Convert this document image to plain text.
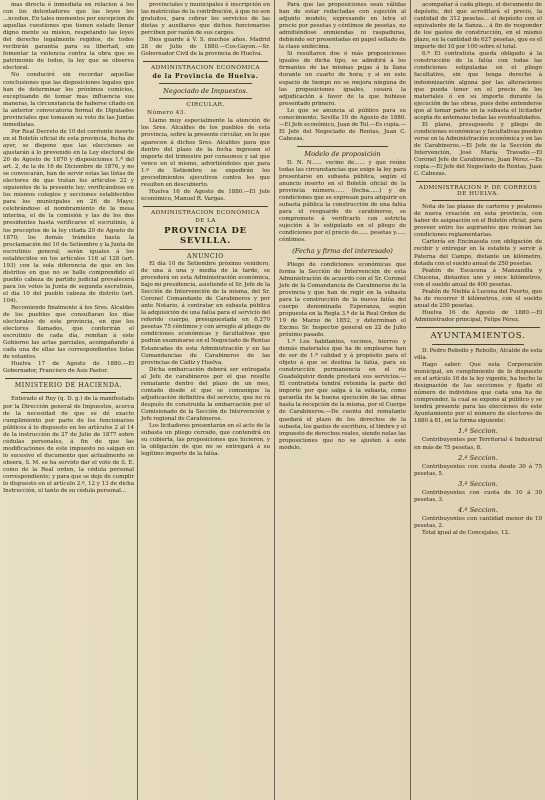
mas directa é inmediata en relacion á los con los detentadores que las leyes les ...nceden. En tales momentos por excepcion de aquellas cuestiones que tienen estado llenar digno mente su mision, respetando las leyes del derecho legalmente regidos, de todos recibirán garantía para su libertad, sin fomentar la violencia contra la obra que es patrimonio de todos, la ley que se observa electoral.

No conduciré sin recordar aquellas conclusiones que las disposiciones legales que han de determinar los próximos comicios, exceptuando de tomar mas influencia sus maneras, la circunstancia de haberse citado en la anterior convocatoria formal de Diputados provinciales que tomasen su voto de las Juntas inmediatas.

Por Real Decreto de 10 del corriente inserto en el Boletín oficial de esta provincia, fecha de ayer, se dispone que las elecciones se ajustarán á lo prevenido en la Ley electoral de 20 de Agosto de 1870 y disposiciones 1.ª del art. 2, de la de 16 de Diciembre de 1876, y no se convocarán, han de servir estas las listas de electores de que tratan los artículos 22 y siguientes de la presente ley; verificándose en los mismos colegios y secciones establecidos para los municipales en 26 de Mayo; celebrándose el nombramiento de la mesa interina, el de la comisión y las de los dos presidentes hasta verificarse el escrutinio, á los preceptos de la ley citada 20 de Agosto de 1870; los demás trámites hasta la proclamación del 10 de Setiembre y la Junta de escrutinio general, serán iguales á los establecidos en los artículos 116 al 128 (art. 193) con la sola diferencia de que en los distritos en que no se halle comprendido el pueblo cabeza de partido judicial prevalecerá para los votos la Junta de segunda escrutinio, el día 10 del pueblo cabeza de distrito (art. 104).

Recomiendo finalmente á los Sres. Alcaldes de los pueblos que consultaran los días electorales de este provincia, en que los electores llamados, que conferirán el escrutinio de cada día, remitan á este Gobierno las actas parciales, acompañando á cada una de ellas las correspondientes listas de votantes.

Huelva 17 de Agosto de 1880.—El Gobernador, Francisco de Asis Pastor.

MINISTERIO DE HACIENDA.

Enterado el Rey (q. D. g.) de la manifestado por la Dirección general de Impuestos, acerca de la necesidad de que se dé exacto cumplimiento por parte de los funcionarios públicos á lo dispuesto en los artículos 2 al 14 de la instrucción de 27 de Julio de 1877 sobre cédulas personales, á fin de que las modificaciones de este impuesto no salgan en lo sucesivo el documento que actualmente se obsera, S. M. se ha servido dar el voto de S. E. como de la Real orden, la cédula personal correspondiente; y para que se deje de cumplir lo dispuesto en el artículo 2.º, 12 y 13 de dicha Instrucción, el tanto de su cédula personal...

provinciales y municipales é inscripción en las matrículas de la contribución, á que no son gratuitos, para cobrar los servicios de las dietas y auxiliares que dichos funcionarios perciben por razón de sus cargos.

Dios guarde á V. S. muchos años. Madrid 28 de Julio de 1880.—Cos-Gayon.—Sr. Gobernador Civil de la provincia de Huelva.

ADMINISTRACION ECONÓMICA
de la Provincia de Huelva.
Negociado de Impuestos.
CIRCULAR.
Número 43.

Llamo muy especialmente la atención de los Sres. Alcaldes de los pueblos de esta provincia, sobre la presente circular, en lo que aparecen á dichos Sres. Alcaldes para que dentro del plazo de la fecha ingresen el importe del trimestre por consumos y sal que vence en el mismo, advirtiéndoles que para 1.º de Setiembre se expedirán los procedimientos ejecutivos contra los que resulten en descubierto.

Huelva 16 de Agosto de 1880.—El Jefe económico, Manuel R. Vargas.

ADMINISTRACION ECONÓMICA
DE LA
PROVINCIA DE SEVILLA.
ANUNCIO

El día 10 de Setiembre próximo venidero, de una á una y media de la tarde, se procederá en esta Administración económica, bajo mi presidencia, asistiendo el Sr. Jefe de la Sección de Intervención de la misma, del Sr. Coronel Comandante de Carabineros y por ante Notario, á contratar en subasta pública la adquisición de una falúa para el servicio del referido cuerpo, presupuestada en 6.270 pesetas 75 céntimos y con arreglo al pliego de condiciones económicas y facultativas que podrán examinarse en el Negociado de Rentas Estancadas de esta Administración y en las Comandancias de Carabineros de las provincias de Cádiz y Huelva.

Dicha embarcación deberá ser entregada al Jefe de carabineros por el que resulte rematante dentro del plazo de un mes, contado desde el que se comunique la adjudicación definitiva del servicio, que no rá después de construida la embarcación por el Comisionado de la Sección de Intervención y Jefe regional de Carabineros.

Los licitadores presentarán en el acto de la subasta un pliego cerrado, que contendrá en su cubierta, las proposiciones que hicieren, y la obligación de que no se entregará á su legítimo importe de la falúa.

Para que las proposiciones sean válidas han de estar redactadas con sujeción al adjunto modelo, expresando en letra el precio por pesetas y céntimos de pesetas, no admitiéndose enmiendas ni raspaduras, debiendo ser presentadas en papel sellado de la clase undécima.

Si resultaren dos ó más proposiciones iguales de dicha tipo, se admitirá á los firmantes de las mismas pujas á la llana durante un cuarto de hora; y si en este espacio de tiempo no se mejora ninguna de las proposiciones iguales, cesará la adjudicación á favor de la que hubiese presentado primero.

Lo que se anuncia al público para su conocimiento. Sevilla 10 de Agosto de 1880.—El Jefe económico, Juan de Tol.—Es copia.—El Jefe del Negociado de Rentas, Juan C. Cabezas.

Modelo de proposición

D. N. N...... vecino de...... y que reúne todas las circunstancias que exige la ley para presentarse en subasta pública, según el anuncio inserto en el Boletín oficial de la provincia número...... (fecha......) y de condiciones que se expresan para adquirir en subasta pública la construcción de una falúa para el resguardo de carabineros, se compromete á verificarlo con estricta sujeción á lo estipulado en el pliego de condiciones por el precio de...... pesetas y...... céntimos.

(Fecha y firma del interesado)

Pliego de condiciones económicas que forma la Sección de Intervención de esta Administración de acuerdo con el Sr. Coronel Jefe de la Comandancia de Carabineros de la provincia y que han de regir en la subasta para la construcción de la nueva falúa del cuerpo denominada Esperanza, según propuesta en la Regla 3.ª de la Real Orden de 19 de Marzo de 1852, y determinan el Excmo. Sr. Inspector general en 22 de Julio próximo pasado.

1.ª Los habitantes, vecinos, hierros y demás materiales que ha de emplearse han de ser de 1.ª calidad y á propósito para el objeto á que se destina la falúa, para su construcción permanencia en el río Guadalquivir donde prestará sus servicios.—El contratista tendrá retenida la parte del importe por que salga á la subasta, como garantía de la buena ejecución de las obras hasta la recepción de la misma, por el Cuerpo de Carabineros.—De cuenta del rematante quedará el plazo de los derechos de la subasta, los gastos de escritura, el timbre y el impuesto de derechos reales, siendo nulas las proposiciones que no se ajusten á este modelo.

acompañar á cada pliego, el documento de depósito, del que acreditará el precio, la cantidad de 312 pesetas... el depósito con el equivalente de la fianza... á fin de responder de los gastos de construcción, en el mismo plazo, en la cantidad de 627 pesetas, que es el importe del 10 por 100 sobre el total.

6.ª El contratista queda obligado á la construcción de la falúa con todas las condiciones estipuladas en el pliego facultativo, sin que tenga derecho á indemnización alguna por las alteraciones que pueda tener en el precio de los materiales ó en su importe durante la ejecución de las obras, pues debe entenderse que al tomar parte en la subasta el licitador acepta de antemano todas las eventualidades.

El plano, presupuesto y pliego de condiciones económicas y facultativas pueden verse en la Administración económica y en las de Carabineros.—El Jefe de la Sección de Intervención, José María Travado.—El Coronel Jefe de Carabineros, Juan Pérez.—Es copia.—El Jefe del Negociado de Rentas, Juan C. Cabezas.

ADMINISTRACION P. DE CORREOS DE HUELVA.

Nota de las plazas de carteros y peatones de nueva creación en esta provincia, con haber de asignación en el Boletín oficial, para proveer entre los aspirantes que reúnan las condiciones reglamentarias.

Cartería en Encinasola con obligación de recibir y entregar en la estafeta y servir á Paterna del Campo, distante un kilómetro, dotada con el sueldo anual de 250 pesetas.

Peatón de Escacena á Manzanilla y Chucena, distantes uno y once kilómetros, con el sueldo anual de 400 pesetas.

Peatón de Niebla á Lucena del Puerto, que ha de recorrer 8 kilómetros, con el sueldo anual de 250 pesetas.

Huelva 16 de Agosto de 1880.—El Administrador principal, Felipe Pérez.

AYUNTAMIENTOS.

D. Pedro Rebollo y Rebollo, Alcalde de esta villa.

Hago saber: Que esta Corporación municipal, en cumplimiento de lo dispuesto en el artículo 16 de la ley vigente, ha hecho la designación de las secciones y fijado el número de individuos que cada una ha de comprender, la cual se expone al público y se tendrá presente para las elecciones de este Ayuntamiento por el número de electores de 1880 á 81, en la forma siguiente:

1.ª Seccion.

Contribuyentes por Territorial é Industrial en más de 75 pesetas, 8.

2.ª Seccion.

Contribuyentes con cuota desde 30 á 75 pesetas, 5.

3.ª Seccion.

Contribuyentes con cuota de 10 á 30 pesetas, 3.

4.ª Seccion.

Contribuyentes con cantidad menor de 10 pesetas, 2.

Total igual al de Concejales, 12.
